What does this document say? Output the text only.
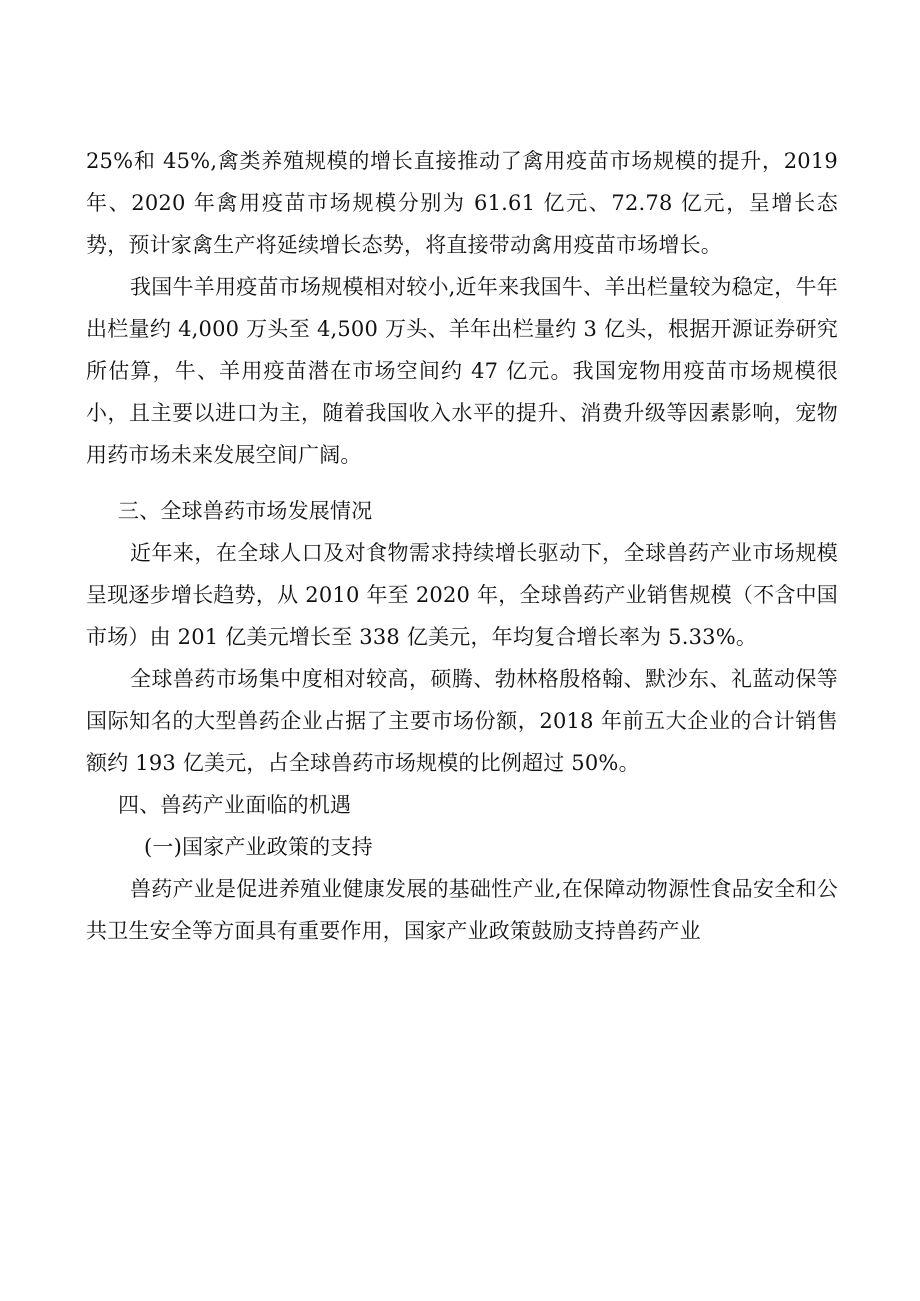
25%和 45%,禽类养殖规模的增长直接推动了禽用疫苗市场规模的提升，2019 年、2020 年禽用疫苗市场规模分别为 61.61 亿元、72.78 亿元，呈增长态势，预计家禽生产将延续增长态势，将直接带动禽用疫苗市场增长。

我国牛羊用疫苗市场规模相对较小,近年来我国牛、羊出栏量较为稳定，牛年出栏量约 4,000 万头至 4,500 万头、羊年出栏量约 3 亿头，根据开源证券研究所估算，牛、羊用疫苗潜在市场空间约 47 亿元。我国宠物用疫苗市场规模很小，且主要以进口为主，随着我国收入水平的提升、消费升级等因素影响，宠物用药市场未来发展空间广阔。

三、全球兽药市场发展情况

近年来，在全球人口及对食物需求持续增长驱动下，全球兽药产业市场规模呈现逐步增长趋势，从 2010 年至 2020 年，全球兽药产业销售规模（不含中国市场）由 201 亿美元增长至 338 亿美元，年均复合增长率为 5.33%。

全球兽药市场集中度相对较高，硕腾、勃林格殷格翰、默沙东、礼蓝动保等国际知名的大型兽药企业占据了主要市场份额，2018 年前五大企业的合计销售额约 193 亿美元，占全球兽药市场规模的比例超过 50%。

四、兽药产业面临的机遇

(一)国家产业政策的支持

兽药产业是促进养殖业健康发展的基础性产业,在保障动物源性食品安全和公共卫生安全等方面具有重要作用，国家产业政策鼓励支持兽药产业
